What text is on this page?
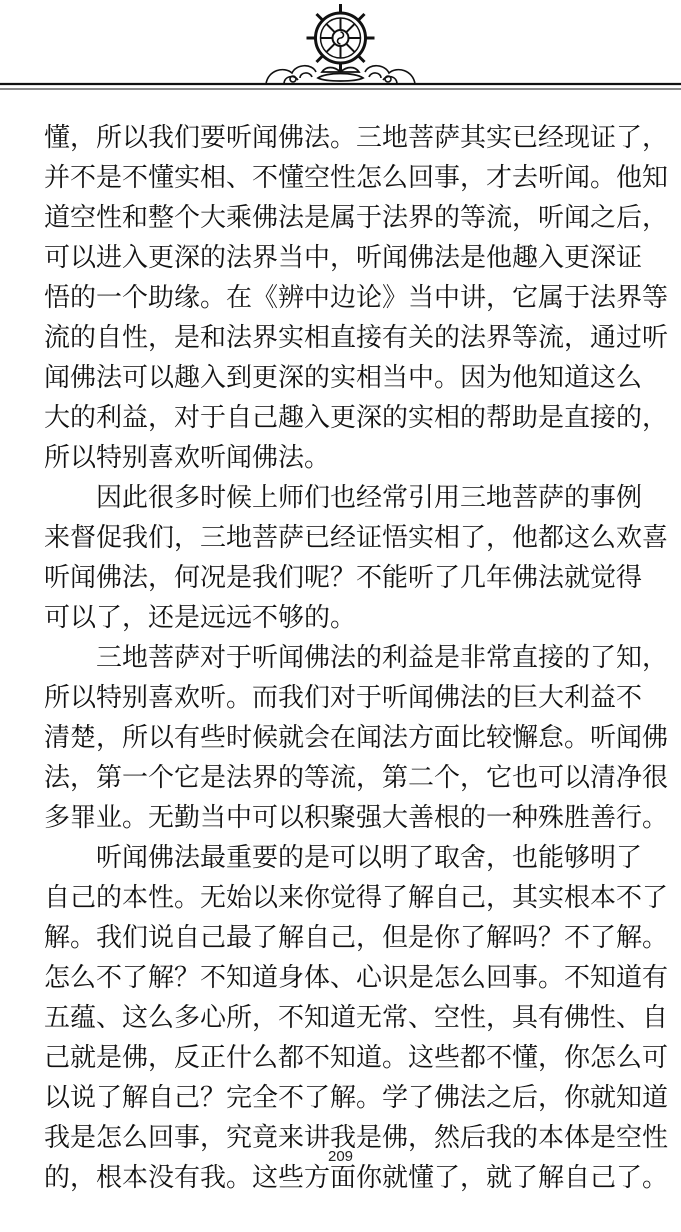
懂，所以我们要听闻佛法。三地菩萨其实已经现证了，
并不是不懂实相、不懂空性怎么回事，才去听闻。他知
道空性和整个大乘佛法是属于法界的等流，听闻之后，
可以进入更深的法界当中，听闻佛法是他趣入更深证
悟的一个助缘。在《辨中边论》当中讲，它属于法界等
流的自性，是和法界实相直接有关的法界等流，通过听
闻佛法可以趣入到更深的实相当中。因为他知道这么
大的利益，对于自己趣入更深的实相的帮助是直接的，
所以特别喜欢听闻佛法。
因此很多时候上师们也经常引用三地菩萨的事例
来督促我们，三地菩萨已经证悟实相了，他都这么欢喜
听闻佛法，何况是我们呢？不能听了几年佛法就觉得
可以了，还是远远不够的。
三地菩萨对于听闻佛法的利益是非常直接的了知，
所以特别喜欢听。而我们对于听闻佛法的巨大利益不
清楚，所以有些时候就会在闻法方面比较懈怠。听闻佛
法，第一个它是法界的等流，第二个，它也可以清净很
多罪业。无勤当中可以积聚强大善根的一种殊胜善行。
听闻佛法最重要的是可以明了取舍，也能够明了
自己的本性。无始以来你觉得了解自己，其实根本不了
解。我们说自己最了解自己，但是你了解吗？不了解。
怎么不了解？不知道身体、心识是怎么回事。不知道有
五蕴、这么多心所，不知道无常、空性，具有佛性、自
己就是佛，反正什么都不知道。这些都不懂，你怎么可
以说了解自己？完全不了解。学了佛法之后，你就知道
我是怎么回事，究竟来讲我是佛，然后我的本体是空性
的，根本没有我。这些方面你就懂了，就了解自己了。
209
